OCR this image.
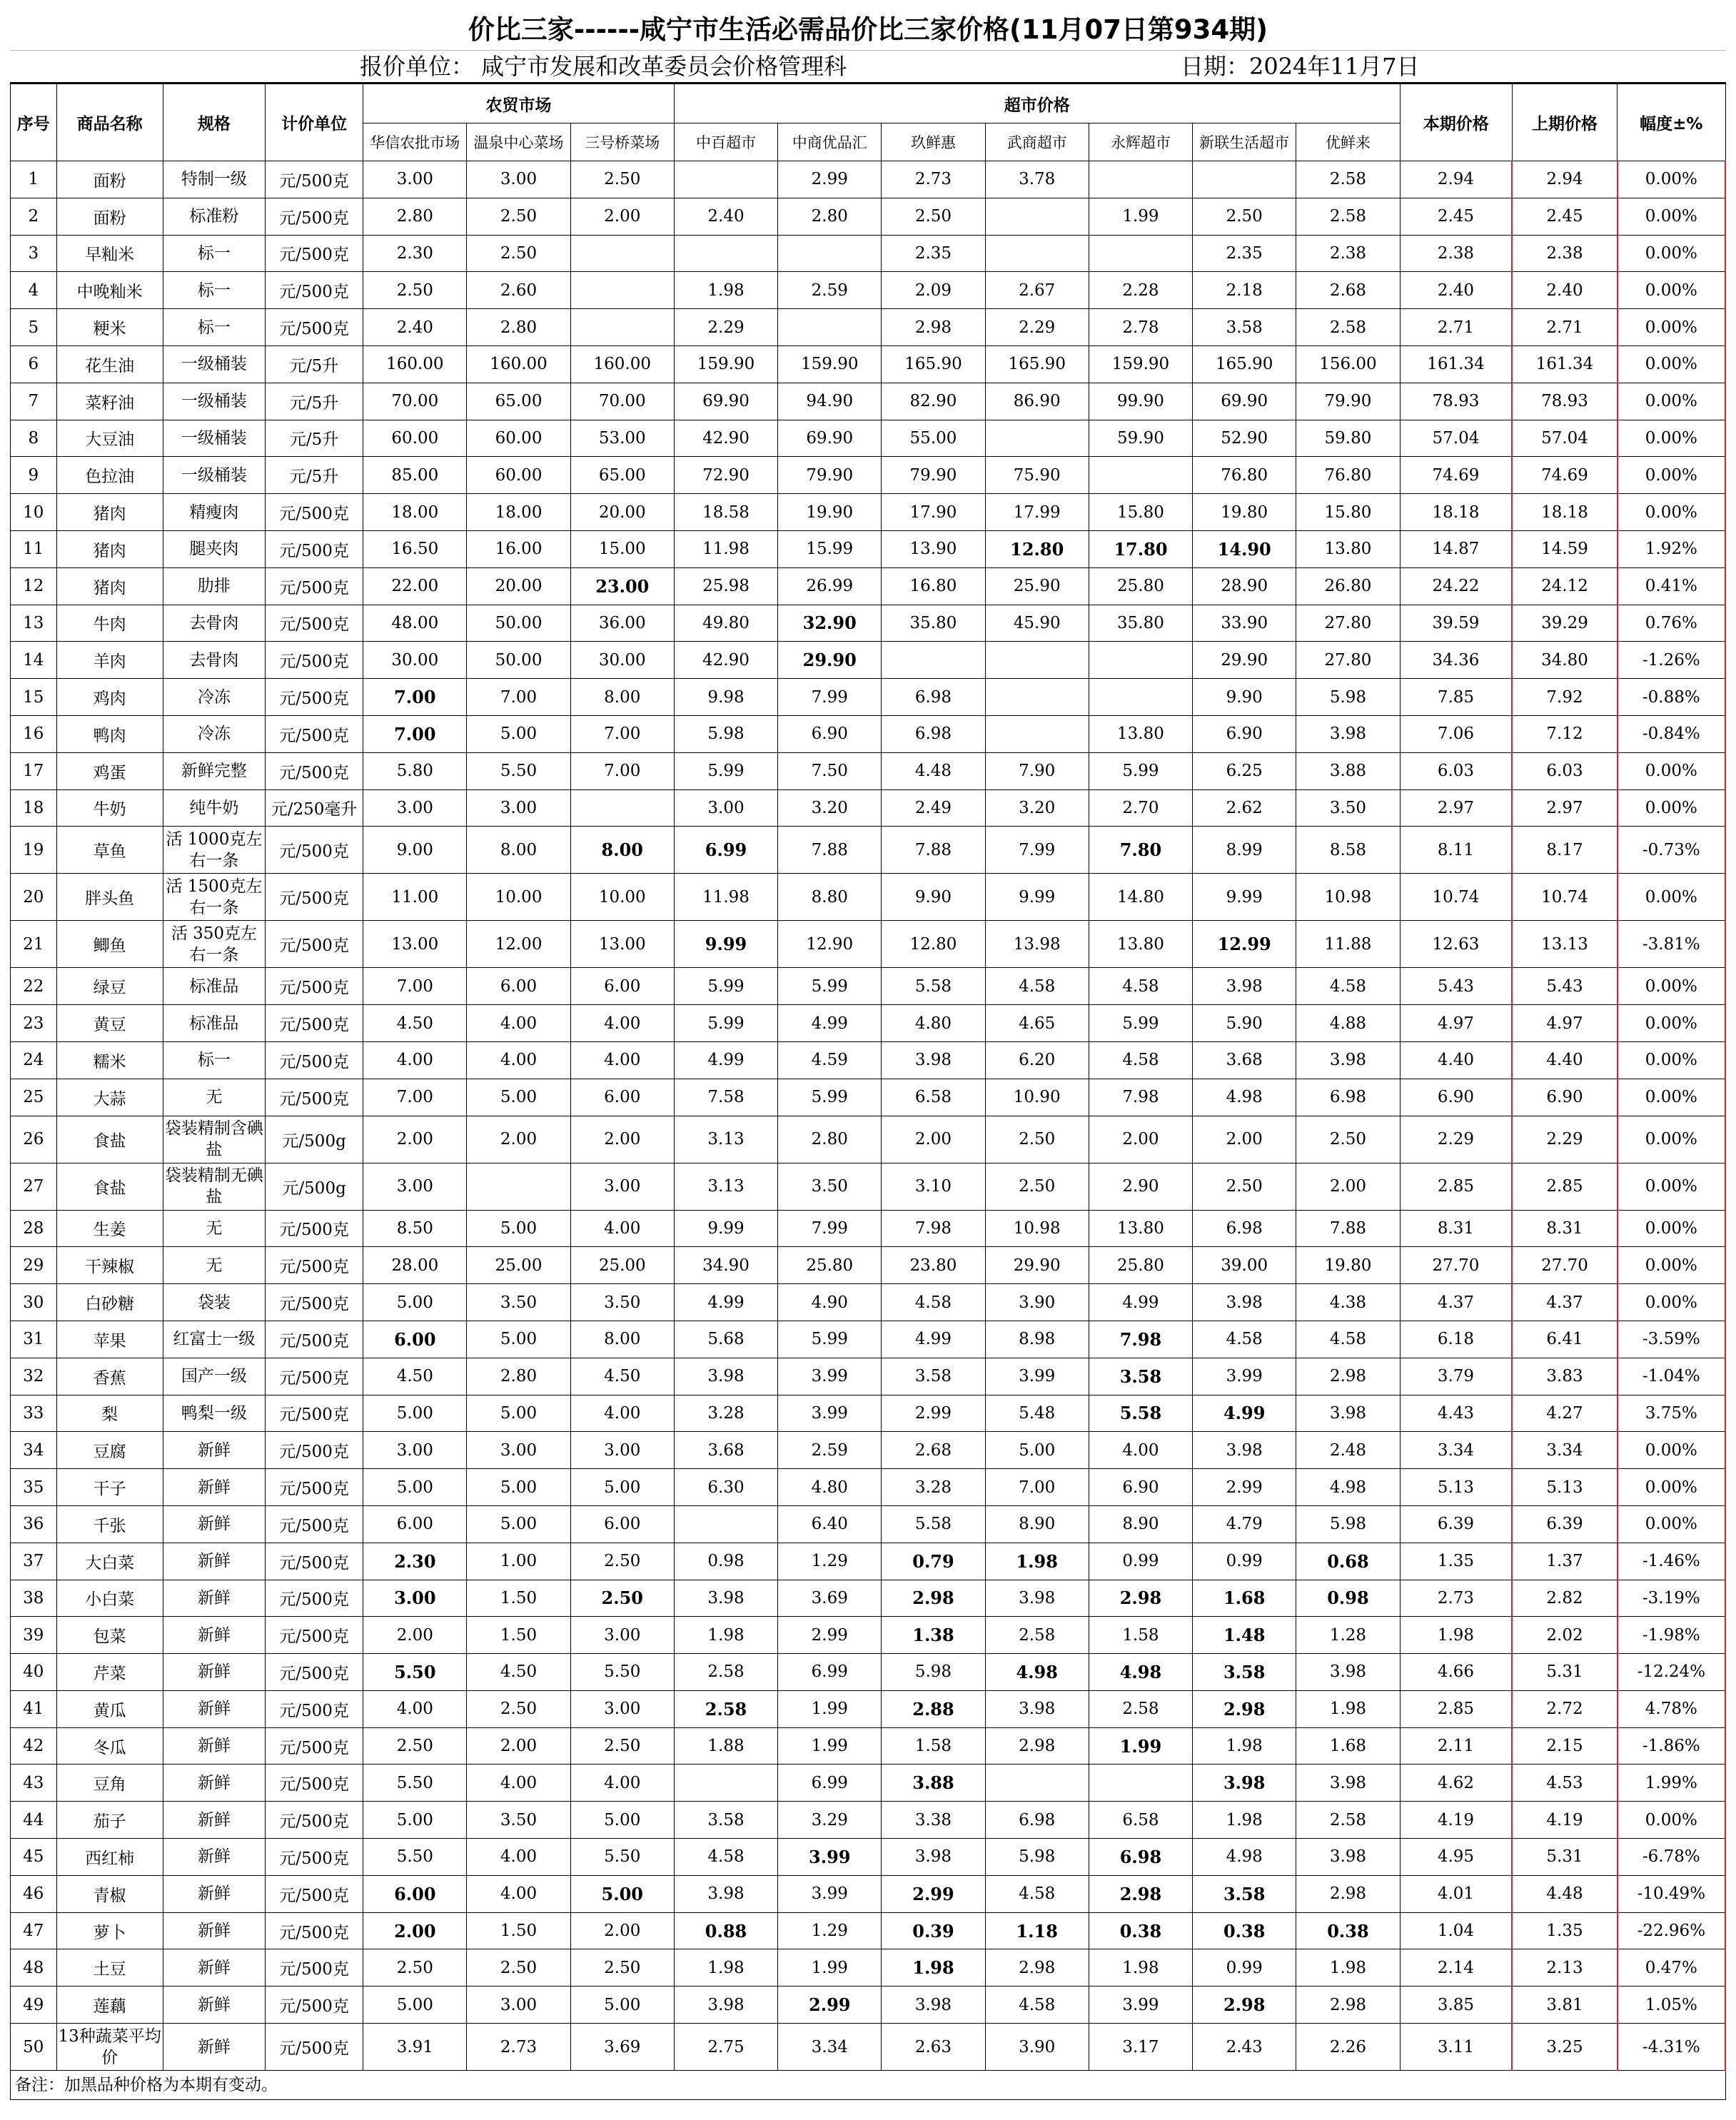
价比三家------咸宁市生活必需品价比三家价格(11月07日第934期)
报价单位： 咸宁市发展和改革委员会价格管理科	日期：2024年11月7日
序号	商品名称	规格	计价单位	农贸市场			超市价格							本期价格	上期价格	幅度±%
				华信农批市场	温泉中心菜场	三号桥菜场	中百超市	中商优品汇	玖鲜惠	武商超市	永辉超市	新联生活超市	优鲜来			
1	面粉	特制一级	元/500克	3.00	3.00	2.50		2.99	2.73	3.78			2.58	2.94	2.94	0.00%
2	面粉	标准粉	元/500克	2.80	2.50	2.00	2.40	2.80	2.50		1.99	2.50	2.58	2.45	2.45	0.00%
3	早籼米	标一	元/500克	2.30	2.50				2.35			2.35	2.38	2.38	2.38	0.00%
4	中晚籼米	标一	元/500克	2.50	2.60		1.98	2.59	2.09	2.67	2.28	2.18	2.68	2.40	2.40	0.00%
5	粳米	标一	元/500克	2.40	2.80		2.29		2.98	2.29	2.78	3.58	2.58	2.71	2.71	0.00%
6	花生油	一级桶装	元/5升	160.00	160.00	160.00	159.90	159.90	165.90	165.90	159.90	165.90	156.00	161.34	161.34	0.00%
7	菜籽油	一级桶装	元/5升	70.00	65.00	70.00	69.90	94.90	82.90	86.90	99.90	69.90	79.90	78.93	78.93	0.00%
8	大豆油	一级桶装	元/5升	60.00	60.00	53.00	42.90	69.90	55.00		59.90	52.90	59.80	57.04	57.04	0.00%
9	色拉油	一级桶装	元/5升	85.00	60.00	65.00	72.90	79.90	79.90	75.90		76.80	76.80	74.69	74.69	0.00%
10	猪肉	精瘦肉	元/500克	18.00	18.00	20.00	18.58	19.90	17.90	17.99	15.80	19.80	15.80	18.18	18.18	0.00%
11	猪肉	腿夹肉	元/500克	16.50	16.00	15.00	11.98	15.99	13.90	12.80	17.80	14.90	13.80	14.87	14.59	1.92%
12	猪肉	肋排	元/500克	22.00	20.00	23.00	25.98	26.99	16.80	25.90	25.80	28.90	26.80	24.22	24.12	0.41%
13	牛肉	去骨肉	元/500克	48.00	50.00	36.00	49.80	32.90	35.80	45.90	35.80	33.90	27.80	39.59	39.29	0.76%
14	羊肉	去骨肉	元/500克	30.00	50.00	30.00	42.90	29.90				29.90	27.80	34.36	34.80	-1.26%
15	鸡肉	冷冻	元/500克	7.00	7.00	8.00	9.98	7.99	6.98			9.90	5.98	7.85	7.92	-0.88%
16	鸭肉	冷冻	元/500克	7.00	5.00	7.00	5.98	6.90	6.98		13.80	6.90	3.98	7.06	7.12	-0.84%
17	鸡蛋	新鲜完整	元/500克	5.80	5.50	7.00	5.99	7.50	4.48	7.90	5.99	6.25	3.88	6.03	6.03	0.00%
18	牛奶	纯牛奶	元/250毫升	3.00	3.00		3.00	3.20	2.49	3.20	2.70	2.62	3.50	2.97	2.97	0.00%
19	草鱼	活 1000克左右一条	元/500克	9.00	8.00	8.00	6.99	7.88	7.88	7.99	7.80	8.99	8.58	8.11	8.17	-0.73%
20	胖头鱼	活 1500克左右一条	元/500克	11.00	10.00	10.00	11.98	8.80	9.90	9.99	14.80	9.99	10.98	10.74	10.74	0.00%
21	鲫鱼	活 350克左右一条	元/500克	13.00	12.00	13.00	9.99	12.90	12.80	13.98	13.80	12.99	11.88	12.63	13.13	-3.81%
22	绿豆	标准品	元/500克	7.00	6.00	6.00	5.99	5.99	5.58	4.58	4.58	3.98	4.58	5.43	5.43	0.00%
23	黄豆	标准品	元/500克	4.50	4.00	4.00	5.99	4.99	4.80	4.65	5.99	5.90	4.88	4.97	4.97	0.00%
24	糯米	标一	元/500克	4.00	4.00	4.00	4.99	4.59	3.98	6.20	4.58	3.68	3.98	4.40	4.40	0.00%
25	大蒜	无	元/500克	7.00	5.00	6.00	7.58	5.99	6.58	10.90	7.98	4.98	6.98	6.90	6.90	0.00%
26	食盐	袋装精制含碘盐	元/500g	2.00	2.00	2.00	3.13	2.80	2.00	2.50	2.00	2.00	2.50	2.29	2.29	0.00%
27	食盐	袋装精制无碘盐	元/500g	3.00		3.00	3.13	3.50	3.10	2.50	2.90	2.50	2.00	2.85	2.85	0.00%
28	生姜	无	元/500克	8.50	5.00	4.00	9.99	7.99	7.98	10.98	13.80	6.98	7.88	8.31	8.31	0.00%
29	干辣椒	无	元/500克	28.00	25.00	25.00	34.90	25.80	23.80	29.90	25.80	39.00	19.80	27.70	27.70	0.00%
30	白砂糖	袋装	元/500克	5.00	3.50	3.50	4.99	4.90	4.58	3.90	4.99	3.98	4.38	4.37	4.37	0.00%
31	苹果	红富士一级	元/500克	6.00	5.00	8.00	5.68	5.99	4.99	8.98	7.98	4.58	4.58	6.18	6.41	-3.59%
32	香蕉	国产一级	元/500克	4.50	2.80	4.50	3.98	3.99	3.58	3.99	3.58	3.99	2.98	3.79	3.83	-1.04%
33	梨	鸭梨一级	元/500克	5.00	5.00	4.00	3.28	3.99	2.99	5.48	5.58	4.99	3.98	4.43	4.27	3.75%
34	豆腐	新鲜	元/500克	3.00	3.00	3.00	3.68	2.59	2.68	5.00	4.00	3.98	2.48	3.34	3.34	0.00%
35	干子	新鲜	元/500克	5.00	5.00	5.00	6.30	4.80	3.28	7.00	6.90	2.99	4.98	5.13	5.13	0.00%
36	千张	新鲜	元/500克	6.00	5.00	6.00		6.40	5.58	8.90	8.90	4.79	5.98	6.39	6.39	0.00%
37	大白菜	新鲜	元/500克	2.30	1.00	2.50	0.98	1.29	0.79	1.98	0.99	0.99	0.68	1.35	1.37	-1.46%
38	小白菜	新鲜	元/500克	3.00	1.50	2.50	3.98	3.69	2.98	3.98	2.98	1.68	0.98	2.73	2.82	-3.19%
39	包菜	新鲜	元/500克	2.00	1.50	3.00	1.98	2.99	1.38	2.58	1.58	1.48	1.28	1.98	2.02	-1.98%
40	芹菜	新鲜	元/500克	5.50	4.50	5.50	2.58	6.99	5.98	4.98	4.98	3.58	3.98	4.66	5.31	-12.24%
41	黄瓜	新鲜	元/500克	4.00	2.50	3.00	2.58	1.99	2.88	3.98	2.58	2.98	1.98	2.85	2.72	4.78%
42	冬瓜	新鲜	元/500克	2.50	2.00	2.50	1.88	1.99	1.58	2.98	1.99	1.98	1.68	2.11	2.15	-1.86%
43	豆角	新鲜	元/500克	5.50	4.00	4.00		6.99	3.88			3.98	3.98	4.62	4.53	1.99%
44	茄子	新鲜	元/500克	5.00	3.50	5.00	3.58	3.29	3.38	6.98	6.58	1.98	2.58	4.19	4.19	0.00%
45	西红柿	新鲜	元/500克	5.50	4.00	5.50	4.58	3.99	3.98	5.98	6.98	4.98	3.98	4.95	5.31	-6.78%
46	青椒	新鲜	元/500克	6.00	4.00	5.00	3.98	3.99	2.99	4.58	2.98	3.58	2.98	4.01	4.48	-10.49%
47	萝卜	新鲜	元/500克	2.00	1.50	2.00	0.88	1.29	0.39	1.18	0.38	0.38	0.38	1.04	1.35	-22.96%
48	土豆	新鲜	元/500克	2.50	2.50	2.50	1.98	1.99	1.98	2.98	1.98	0.99	1.98	2.14	2.13	0.47%
49	莲藕	新鲜	元/500克	5.00	3.00	5.00	3.98	2.99	3.98	4.58	3.99	2.98	2.98	3.85	3.81	1.05%
50	13种蔬菜平均价	新鲜	元/500克	3.91	2.73	3.69	2.75	3.34	2.63	3.90	3.17	2.43	2.26	3.11	3.25	-4.31%
备注：加黑品种价格为本期有变动。
